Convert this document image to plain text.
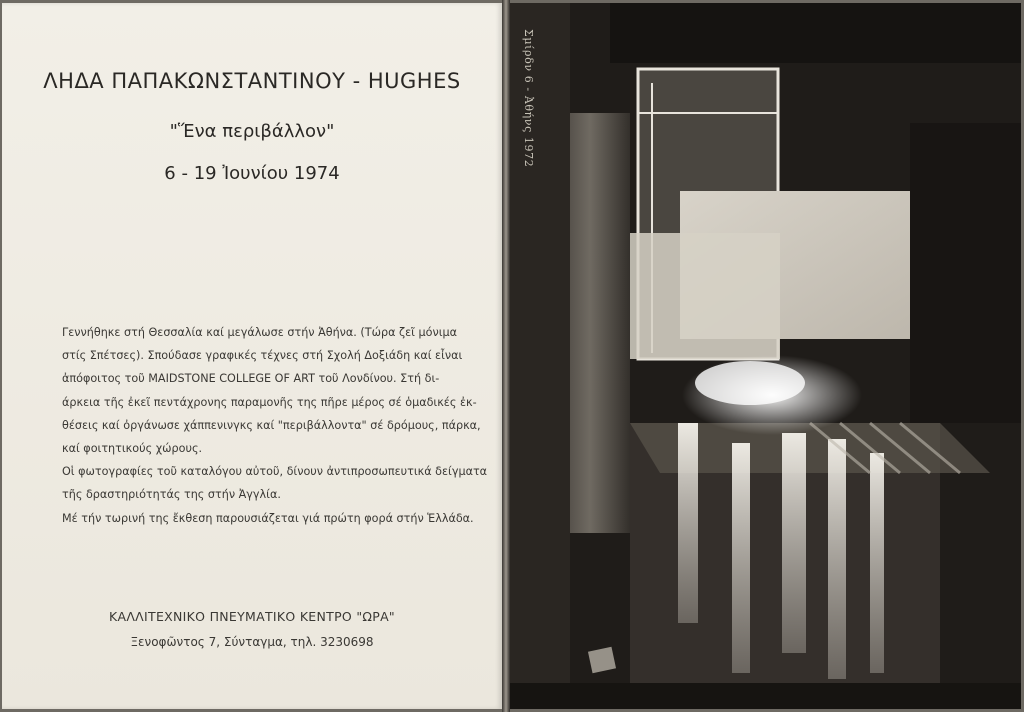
ΛΗΔΑ ΠΑΠΑΚΩΝΣΤΑΝΤΙΝΟΥ - HUGHES
"Ἕνα περιβάλλον"
6 - 19 Ἰουνίου 1974
Γεννήθηκε στή Θεσσαλία καί μεγάλωσε στήν Ἀθήνα. (Τώρα ζεῖ μόνιμα
στίς Σπέτσες). Σπούδασε γραφικές τέχνες στή Σχολή Δοξιάδη καί εἶναι
ἀπόφοιτος τοῦ MAIDSTONE COLLEGE OF ART τοῦ Λονδίνου. Στή δι-
άρκεια τῆς ἐκεῖ πεντάχρονης παραμονῆς της πῆρε μέρος σέ ὁμαδικές ἐκ-
θέσεις καί ὀργάνωσε χάππενινγκς καί "περιβάλλοντα" σέ δρόμους, πάρκα,
καί φοιτητικούς χώρους.
Οἱ φωτογραφίες τοῦ καταλόγου αὐτοῦ, δίνουν ἀντιπροσωπευτικά δείγματα
τῆς δραστηριότητάς της στήν Ἀγγλία.
Μέ τήν τωρινή της ἔκθεση παρουσιάζεται γιά πρώτη φορά στήν Ἑλλάδα.
ΚΑΛΛΙΤΕΧΝΙΚΟ ΠΝΕΥΜΑΤΙΚΟ ΚΕΝΤΡΟ "ΩΡΑ"
Ξενοφῶντος 7, Σύνταγμα, τηλ. 3230698
Σμίρδν 6 - Ἀθήνς 1972
